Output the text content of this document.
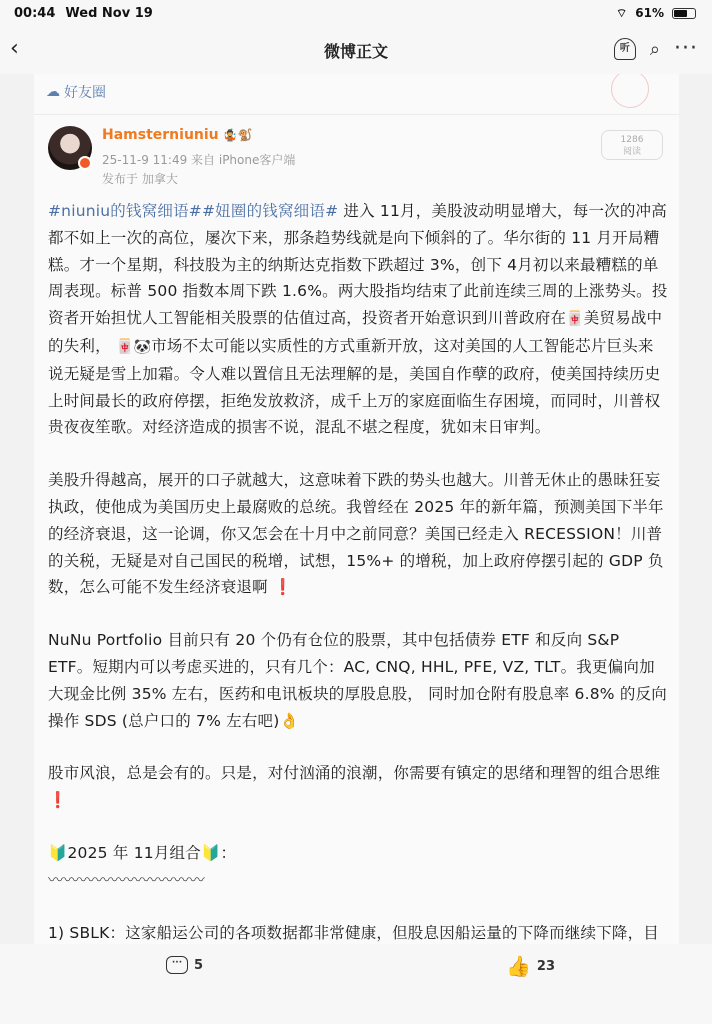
00:44 Wed Nov 19	⌔ 61%
‹	微博正文	听	⌕ ···
☁ 好友圈
Hamsterniuniu 🤹🐒
25-11-9 11:49 来自 iPhone客户端
发布于 加拿大
1286
阅读

#niuniu的钱窝细语##妞圈的钱窝细语# 进入 11月，美股波动明显增大，每一次的冲高都不如上一次的高位，屡次下来，那条趋势线就是向下倾斜的了。华尔街的 11 月开局糟糕。才一个星期，科技股为主的纳斯达克指数下跌超过 3%，创下 4月初以来最糟糕的单周表现。标普 500 指数本周下跌 1.6%。两大股指均结束了此前连续三周的上涨势头。投资者开始担忧人工智能相关股票的估值过高，投资者开始意识到川普政府在🀄美贸易战中的失利， 🀄🐼市场不太可能以实质性的方式重新开放，这对美国的人工智能芯片巨头来说无疑是雪上加霜。令人难以置信且无法理解的是，美国自作孽的政府，使美国持续历史上时间最长的政府停摆，拒绝发放救济，成千上万的家庭面临生存困境，而同时，川普权贵夜夜笙歌。对经济造成的损害不说，混乱不堪之程度，犹如末日审判。

美股升得越高，展开的口子就越大，这意味着下跌的势头也越大。川普无休止的愚昧狂妄执政，使他成为美国历史上最腐败的总统。我曾经在 2025 年的新年篇，预测美国下半年的经济衰退，这一论调，你又怎会在十月中之前同意？美国已经走入 RECESSION！川普的关税，无疑是对自己国民的税增，试想，15%+ 的增税，加上政府停摆引起的 GDP 负数，怎么可能不发生经济衰退啊 ❗

NuNu Portfolio 目前只有 20 个仍有仓位的股票，其中包括债券 ETF 和反向 S&P ETF。短期内可以考虑买进的，只有几个：AC, CNQ, HHL, PFE, VZ, TLT。我更偏向加大现金比例 35% 左右，医药和电讯板块的厚股息股， 同时加仓附有股息率 6.8% 的反向操作 SDS (总户口的 7% 左右吧)👌

股市风浪，总是会有的。只是，对付汹涌的浪潮，你需要有镇定的思绪和理智的组合思维❗

🔰2025 年 11月组合🔰：
〰〰〰〰〰〰〰〰〰〰

1) SBLK：这家船运公司的各项数据都非常健康，但股息因船运量的下降而继续下降，目

··· 5	👍 23
